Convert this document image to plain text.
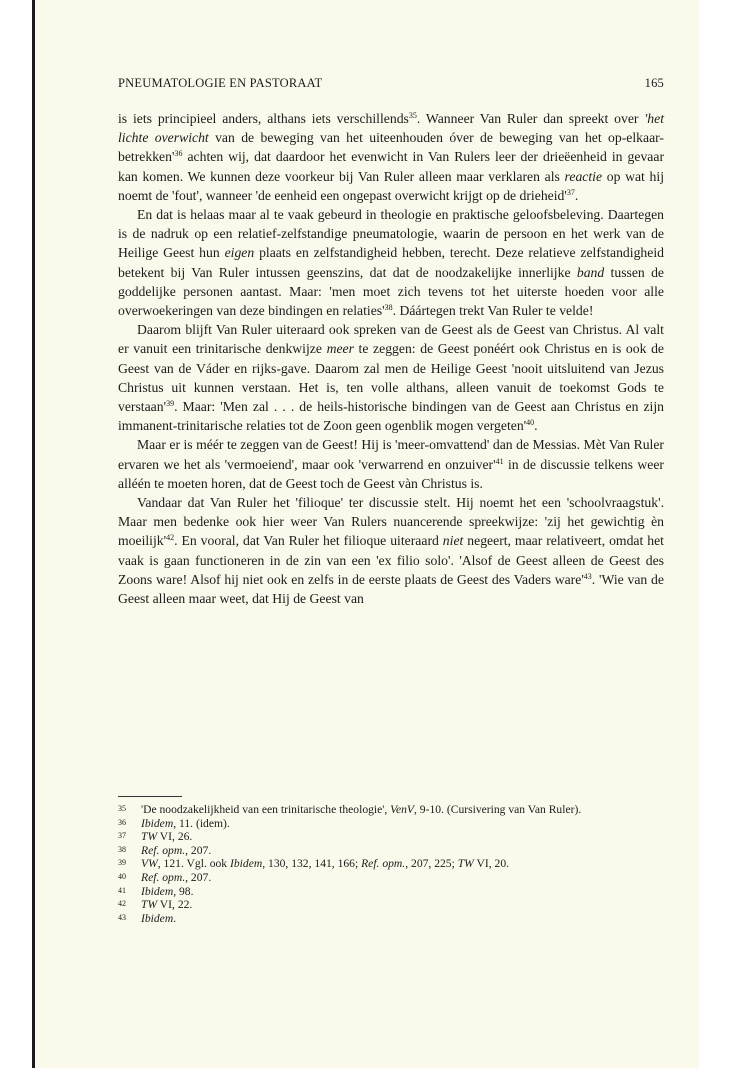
PNEUMATOLOGIE EN PASTORAAT	165

is iets principieel anders, althans iets verschillends$^{35}$. Wanneer Van Ruler dan spreekt over 'het lichte overwicht van de beweging van het uiteenhouden óver de beweging van het $op-elkaar-betrekken'^{36}$ achten wij, dat daardoor het evenwicht in Van Rulers leer der drieëenheid in gevaar kan komen. We kunnen deze voorkeur bij Van Ruler alleen maar verklaren als reactie op wat hij noemt de 'fout', wanneer 'de eenheid een ongepast overwicht krijgt op de $drieheid'^{37}$.

En dat is helaas maar al te vaak gebeurd in theologie en praktische geloofsbeleving. Daartegen is de nadruk op een relatief-zelfstandige pneumatologie, waarin de persoon en het werk van de Heilige Geest hun eigen plaats en zelfstandigheid hebben, terecht. Deze relatieve zelfstandigheid betekent bij Van Ruler intussen geenszins, dat dat de noodzakelijke innerlijke band tussen de goddelijke personen aantast. Maar: 'men moet zich tevens tot het uiterste hoeden voor alle overwoekeringen van deze bindingen en $relaties'^{38}$. Dáártegen trekt Van Ruler te velde!

Daarom blijft Van Ruler uiteraard ook spreken van de Geest als de Geest van Christus. Al valt er vanuit een trinitarische denkwijze meer te zeggen: de Geest ponéért ook Christus en is ook de Geest van de Váder en rijks-gave. Daarom zal men de Heilige Geest 'nooit uitsluitend van Jezus Christus uit kunnen verstaan. Het is, ten volle althans, alleen vanuit de toekomst Gods te $verstaan'^{39}$. Maar: 'Men zal . . . de heils-historische bindingen van de Geest aan Christus en zijn immanent-trinitarische relaties tot de Zoon geen ogenblik mogen $vergeten'^{40}$.

Maar er is méér te zeggen van de Geest! Hij is 'meer-omvattend' dan de Messias. Mèt Van Ruler ervaren we het als 'vermoeiend', maar ook 'verwarrend en $onzuiver'^{41}$ in de discussie telkens weer alléén te moeten horen, dat de Geest toch de Geest vàn Christus is.

Vandaar dat Van Ruler het 'filioque' ter discussie stelt. Hij noemt het een 'schoolvraagstuk'. Maar men bedenke ook hier weer Van Rulers nuancerende spreekwijze: 'zij het gewichtig èn $moeilijk'^{42}$. En vooral, dat Van Ruler het filioque uiteraard niet negeert, maar relativeert, omdat het vaak is gaan functioneren in de zin van een 'ex filio solo'. 'Alsof de Geest alleen de Geest des Zoons ware! Alsof hij niet ook en zelfs in de eerste plaats de Geest des Vaders $ware'^{43}$. 'Wie van de Geest alleen maar weet, dat Hij de Geest van

35 'De noodzakelijkheid van een trinitarische theologie', VenV, 9-10. (Cursivering van Van Ruler).
36 Ibidem, 11. (idem).
37 TW VI, 26.
38 Ref. opm., 207.
39 VW, 121. Vgl. ook Ibidem, 130, 132, 141, 166; Ref. opm., 207, 225; TW VI, 20.
40 Ref. opm., 207.
41 Ibidem, 98.
42 TW VI, 22.
43 Ibidem.
